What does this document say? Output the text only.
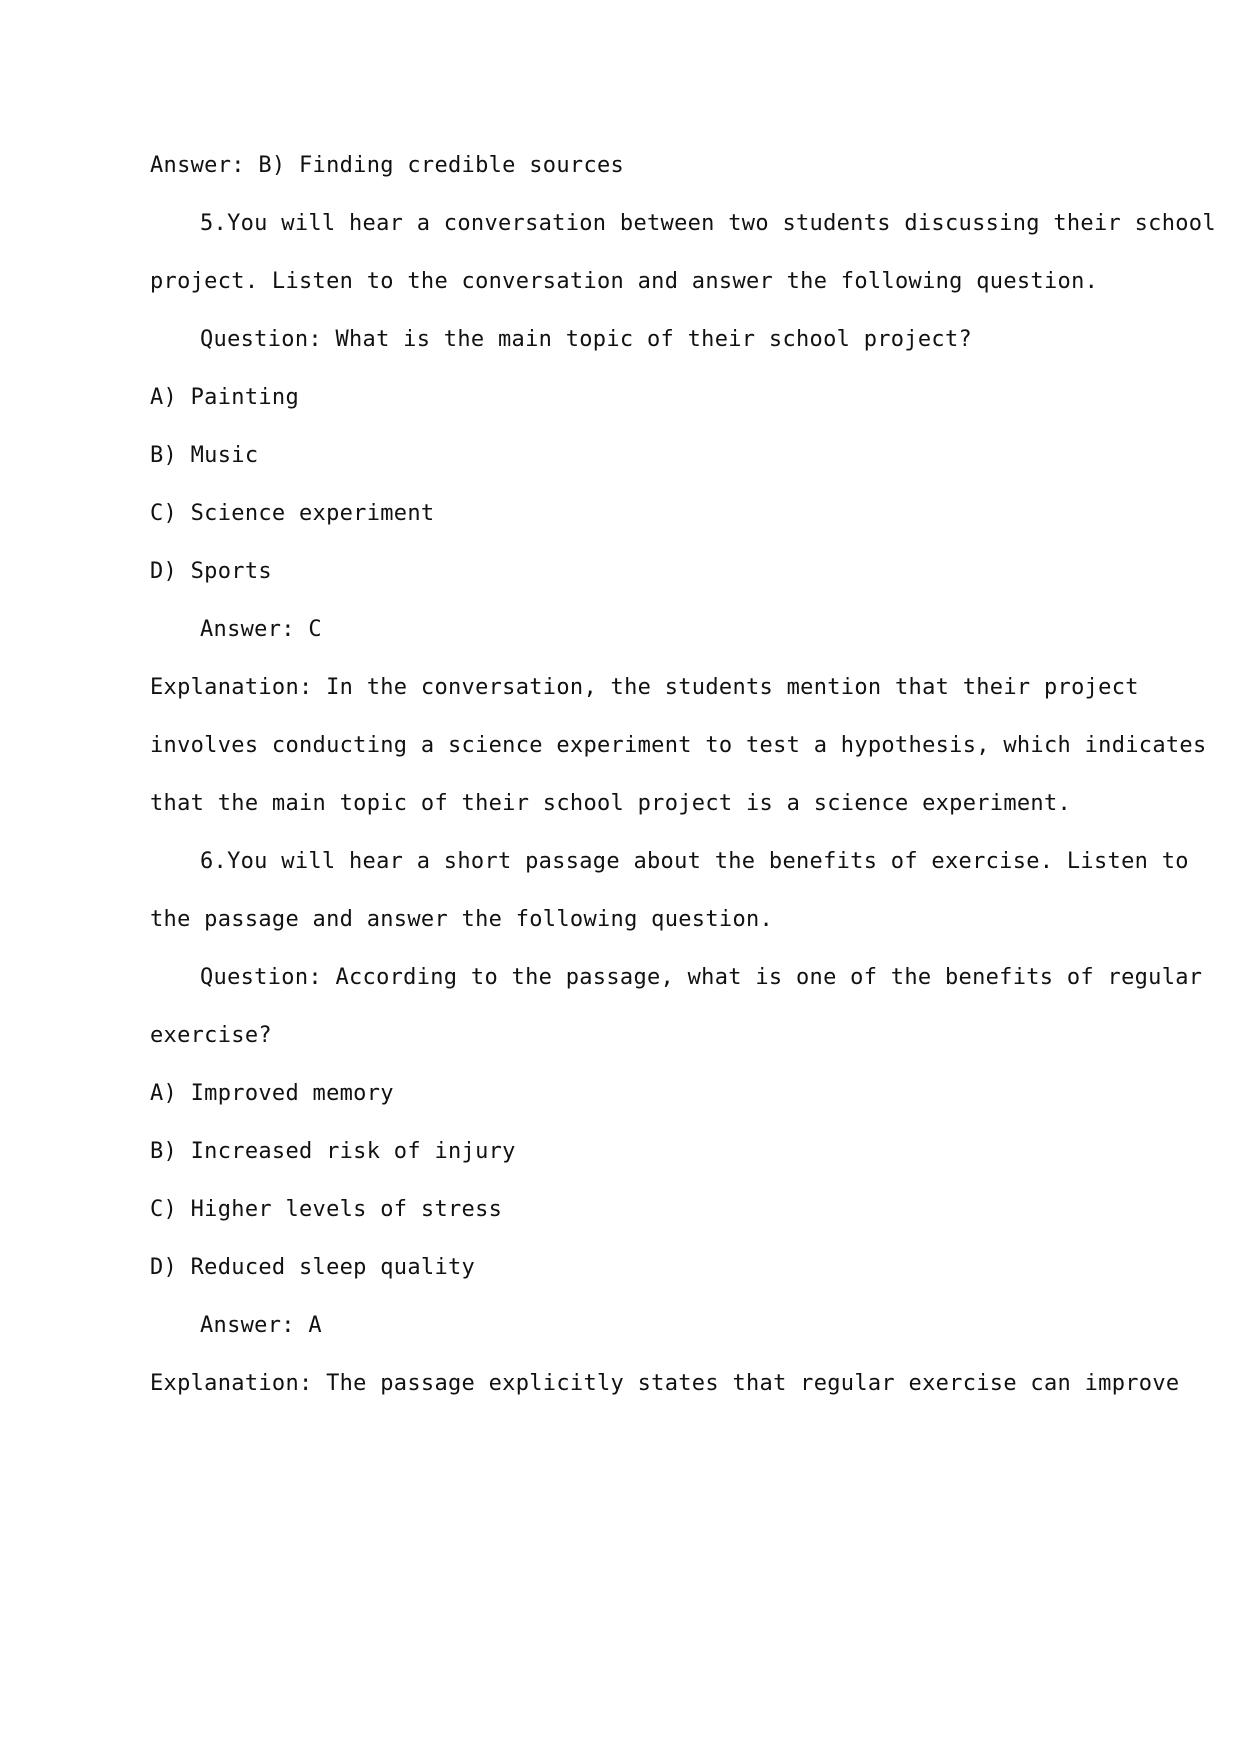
Answer: B) Finding credible sources
5.You will hear a conversation between two students discussing their school
project. Listen to the conversation and answer the following question.
Question: What is the main topic of their school project?
A) Painting
B) Music
C) Science experiment
D) Sports
Answer: C
Explanation: In the conversation, the students mention that their project
involves conducting a science experiment to test a hypothesis, which indicates
that the main topic of their school project is a science experiment.
6.You will hear a short passage about the benefits of exercise. Listen to
the passage and answer the following question.
Question: According to the passage, what is one of the benefits of regular
exercise?
A) Improved memory
B) Increased risk of injury
C) Higher levels of stress
D) Reduced sleep quality
Answer: A
Explanation: The passage explicitly states that regular exercise can improve
